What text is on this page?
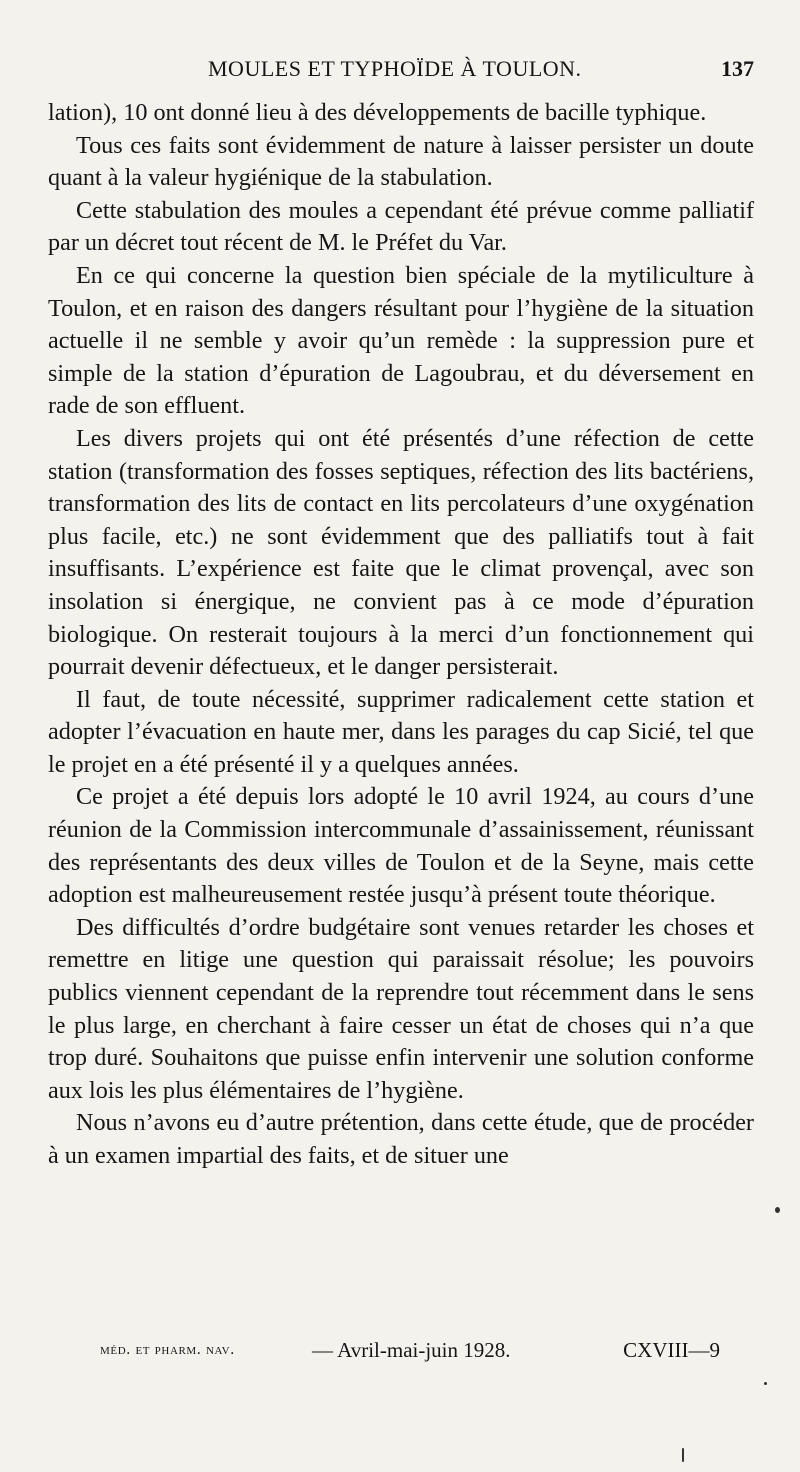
MOULES ET TYPHOÏDE À TOULON.	137

lation), 10 ont donné lieu à des développements de bacille typhique.

Tous ces faits sont évidemment de nature à laisser persister un doute quant à la valeur hygiénique de la stabulation.

Cette stabulation des moules a cependant été prévue comme palliatif par un décret tout récent de M. le Préfet du Var.

En ce qui concerne la question bien spéciale de la mytiliculture à Toulon, et en raison des dangers résultant pour l’hygiène de la situation actuelle il ne semble y avoir qu’un remède : la suppression pure et simple de la station d’épuration de Lagoubrau, et du déversement en rade de son effluent.

Les divers projets qui ont été présentés d’une réfection de cette station (transformation des fosses septiques, réfection des lits bactériens, transformation des lits de contact en lits percolateurs d’une oxygénation plus facile, etc.) ne sont évidemment que des palliatifs tout à fait insuffisants. L’expérience est faite que le climat provençal, avec son insolation si énergique, ne convient pas à ce mode d’épuration biologique. On resterait toujours à la merci d’un fonctionnement qui pourrait devenir défectueux, et le danger persisterait.

Il faut, de toute nécessité, supprimer radicalement cette station et adopter l’évacuation en haute mer, dans les parages du cap Sicié, tel que le projet en a été présenté il y a quelques années.

Ce projet a été depuis lors adopté le 10 avril 1924, au cours d’une réunion de la Commission intercommunale d’assainissement, réunissant des représentants des deux villes de Toulon et de la Seyne, mais cette adoption est malheureusement restée jusqu’à présent toute théorique.

Des difficultés d’ordre budgétaire sont venues retarder les choses et remettre en litige une question qui paraissait résolue; les pouvoirs publics viennent cependant de la reprendre tout récemment dans le sens le plus large, en cherchant à faire cesser un état de choses qui n’a que trop duré. Souhaitons que puisse enfin intervenir une solution conforme aux lois les plus élémentaires de l’hygiène.

Nous n’avons eu d’autre prétention, dans cette étude, que de procéder à un examen impartial des faits, et de situer une

méd. et pharm. nav.	— Avril-mai-juin 1928.	CXVIII—9
